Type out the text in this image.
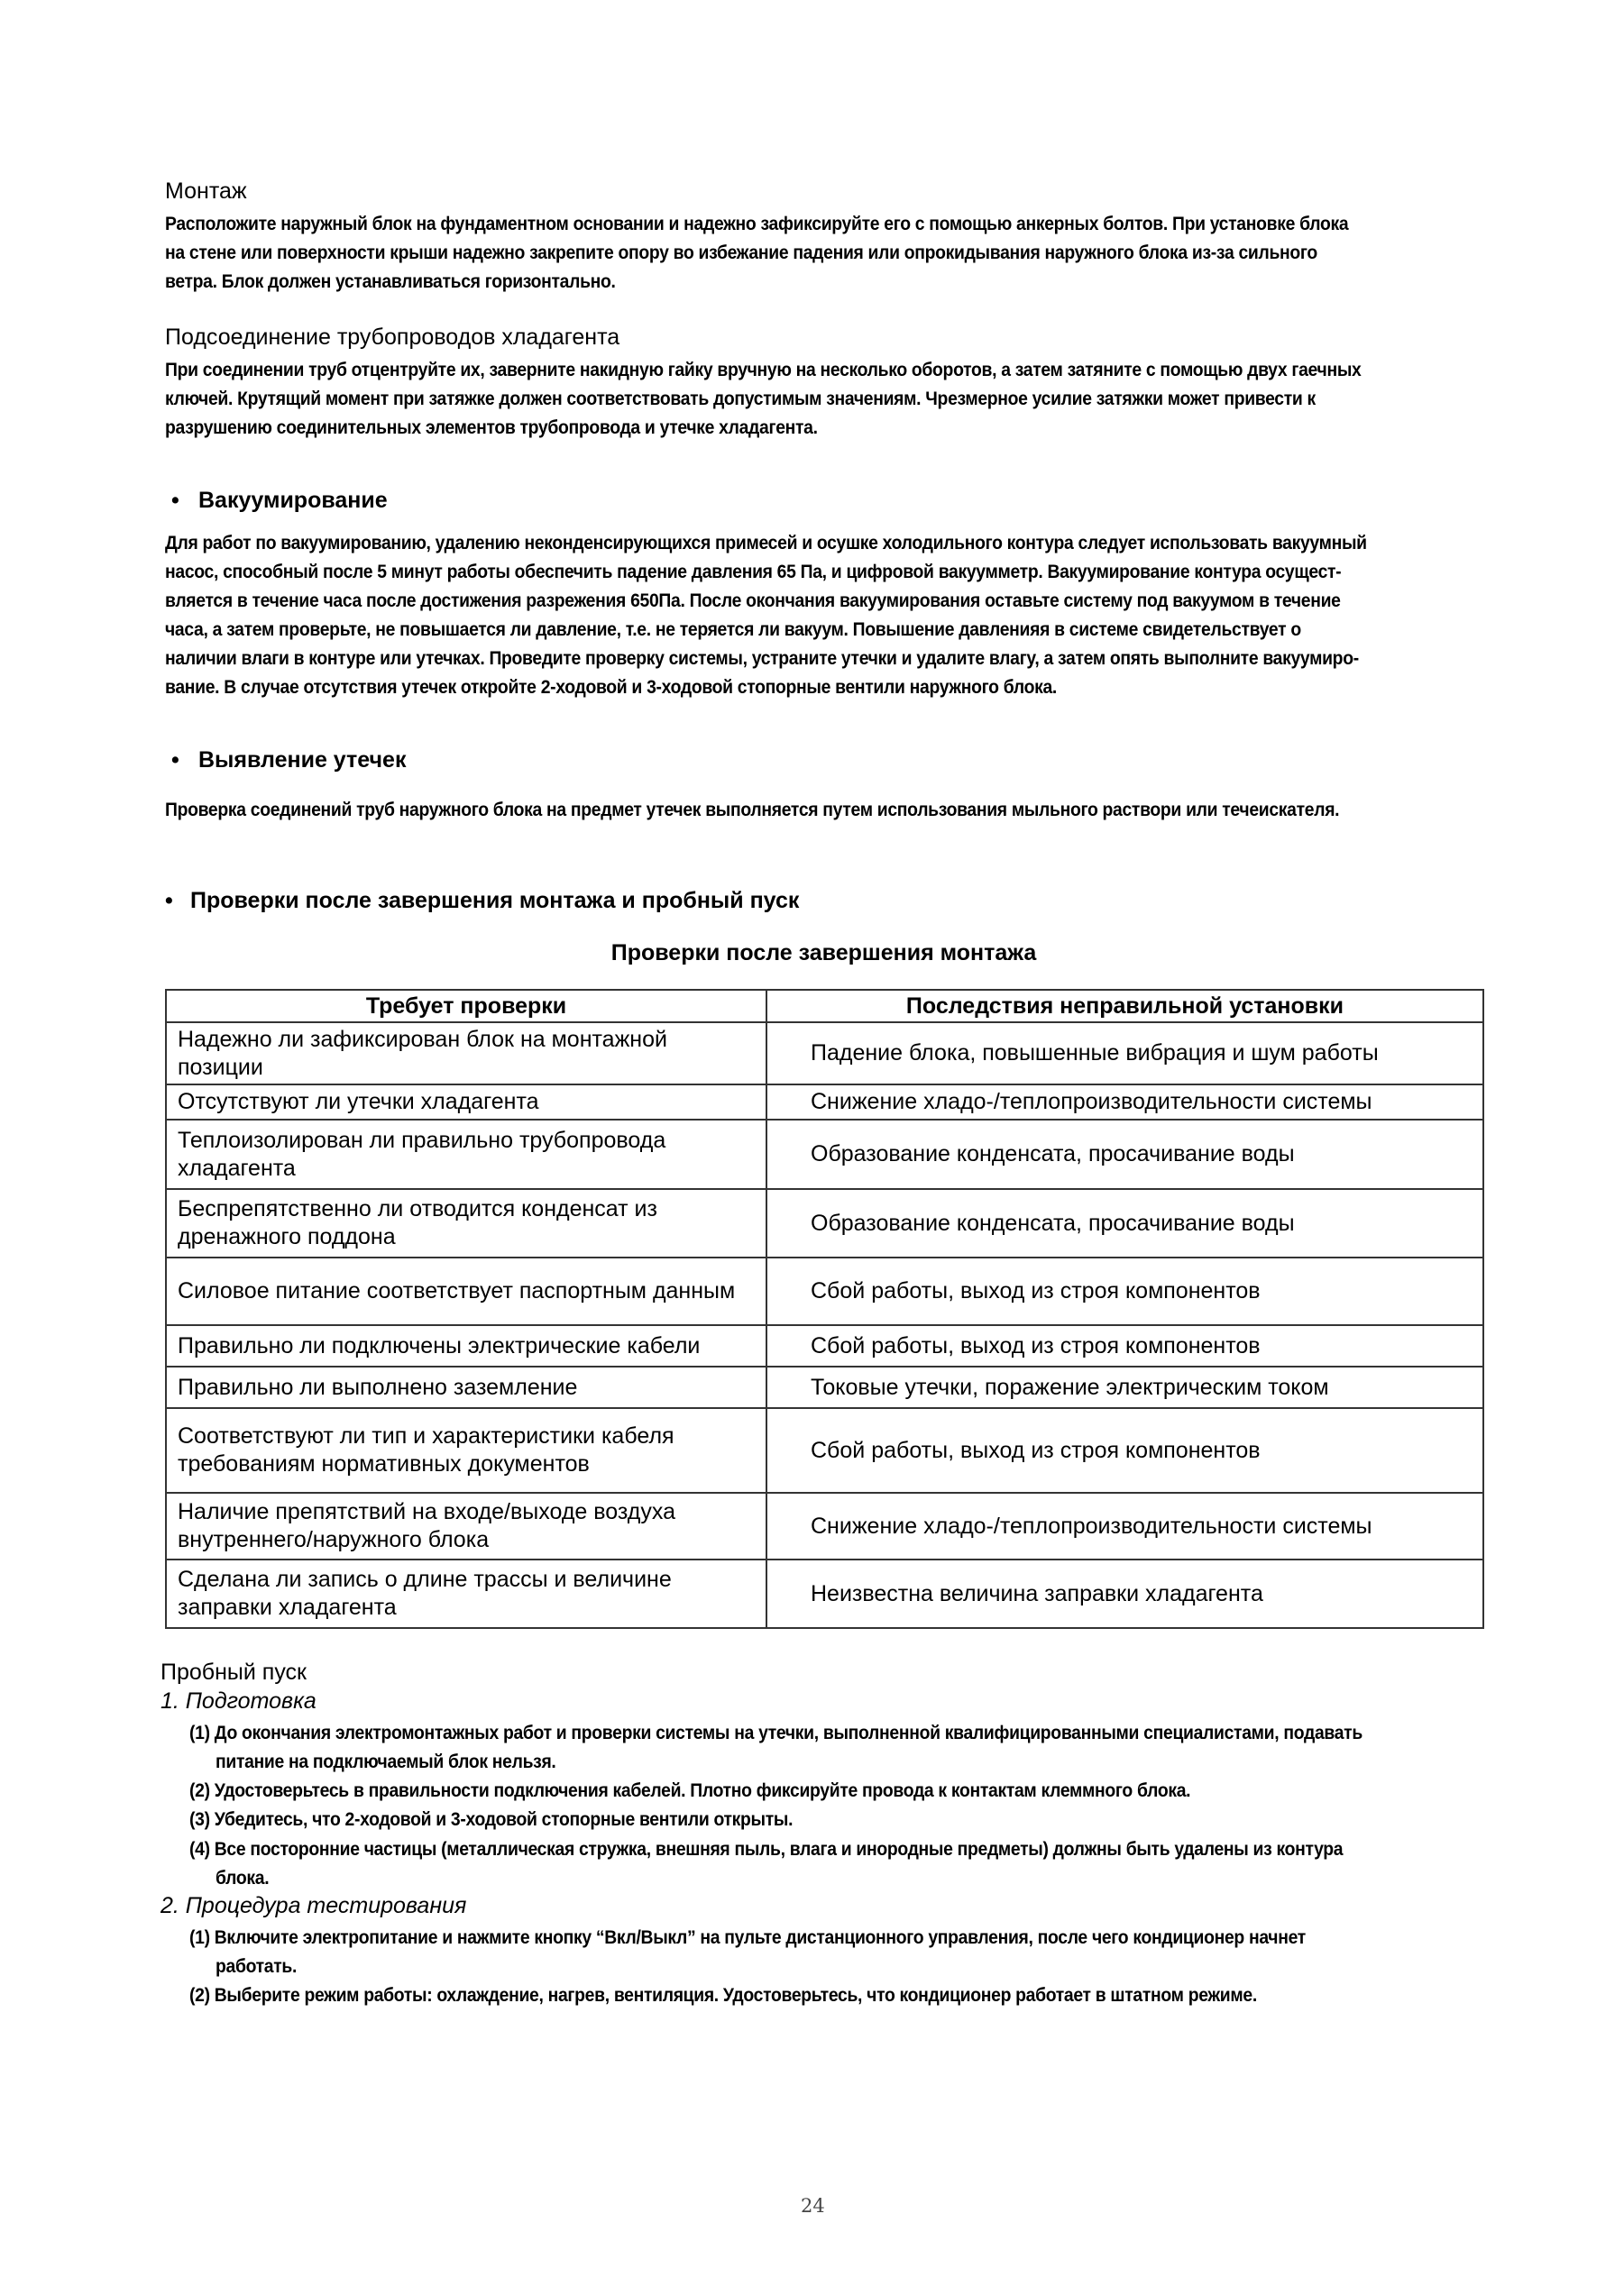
Монтаж
Расположите наружный блок на фундаментном основании и надежно зафиксируйте его с помощью анкерных болтов. При установке блока
на стене или поверхности крыши надежно закрепите опору во избежание падения или опрокидывания наружного блока из-за сильного
ветра. Блок должен устанавливаться горизонтально.
Подсоединение трубопроводов хладагента
При соединении труб отцентруйте их, заверните накидную гайку вручную на несколько оборотов, а затем затяните с помощью двух гаечных
ключей. Крутящий момент при затяжке должен соответствовать допустимым значениям. Чрезмерное усилие затяжки может привести к
разрушению соединительных элементов трубопровода и утечке хладагента.
• Вакуумирование
Для работ по вакуумированию, удалению неконденсирующихся примесей и осушке холодильного контура следует использовать вакуумный
насос, способный после 5 минут работы обеспечить падение давления 65 Па, и цифровой вакуумметр. Вакуумирование контура осущест-
вляется в течение часа после достижения разрежения 650Па. После окончания вакуумирования оставьте систему под вакуумом в течение
часа, а затем проверьте, не повышается ли давление, т.е. не теряется ли вакуум. Повышение давленияя в системе свидетельствует о
наличии влаги в контуре или утечках. Проведите проверку системы, устраните утечки и удалите влагу, а затем опять выполните вакуумиро-
вание. В случае отсутствия утечек откройте 2-ходовой и 3-ходовой стопорные вентили наружного блока.
• Выявление утечек
Проверка соединений труб наружного блока на предмет утечек выполняется путем использования мыльного раствори или течеискателя.
• Проверки после завершения монтажа и пробный пуск
Проверки после завершения монтажа
Требует проверки	Последствия неправильной установки
Надежно ли зафиксирован блок на монтажной позиции	Падение блока, повышенные вибрация и шум работы
Отсутствуют ли утечки хладагента	Снижение хладо-/теплопроизводительности системы
Теплоизолирован ли правильно трубопровода хладагента	Образование конденсата, просачивание воды
Беспрепятственно ли отводится конденсат из дренажного поддона	Образование конденсата, просачивание воды
Силовое питание соответствует паспортным данным	Сбой работы, выход из строя компонентов
Правильно ли подключены электрические кабели	Сбой работы, выход из строя компонентов
Правильно ли выполнено заземление	Токовые утечки, поражение электрическим током
Соответствуют ли тип и характеристики кабеля требованиям нормативных документов	Сбой работы, выход из строя компонентов
Наличие препятствий на входе/выходе воздуха внутреннего/наружного блока	Снижение хладо-/теплопроизводительности системы
Сделана ли запись о длине трассы и величине заправки хладагента	Неизвестна величина заправки хладагента
Пробный пуск
1. Подготовка
(1) До окончания электромонтажных работ и проверки системы на утечки, выполненной квалифицированными специалистами, подавать
питание на подключаемый блок нельзя.
(2) Удостоверьтесь в правильности подключения кабелей. Плотно фиксируйте провода к контактам клеммного блока.
(3) Убедитесь, что 2-ходовой и 3-ходовой стопорные вентили открыты.
(4) Все посторонние частицы (металлическая стружка, внешняя пыль, влага и инородные предметы) должны быть удалены из контура
блока.
2. Процедура тестирования
(1) Включите электропитание и нажмите кнопку “Вкл/Выкл” на пульте дистанционного управления, после чего кондиционер начнет
работать.
(2) Выберите режим работы: охлаждение, нагрев, вентиляция. Удостоверьтесь, что кондиционер работает в штатном режиме.
24
